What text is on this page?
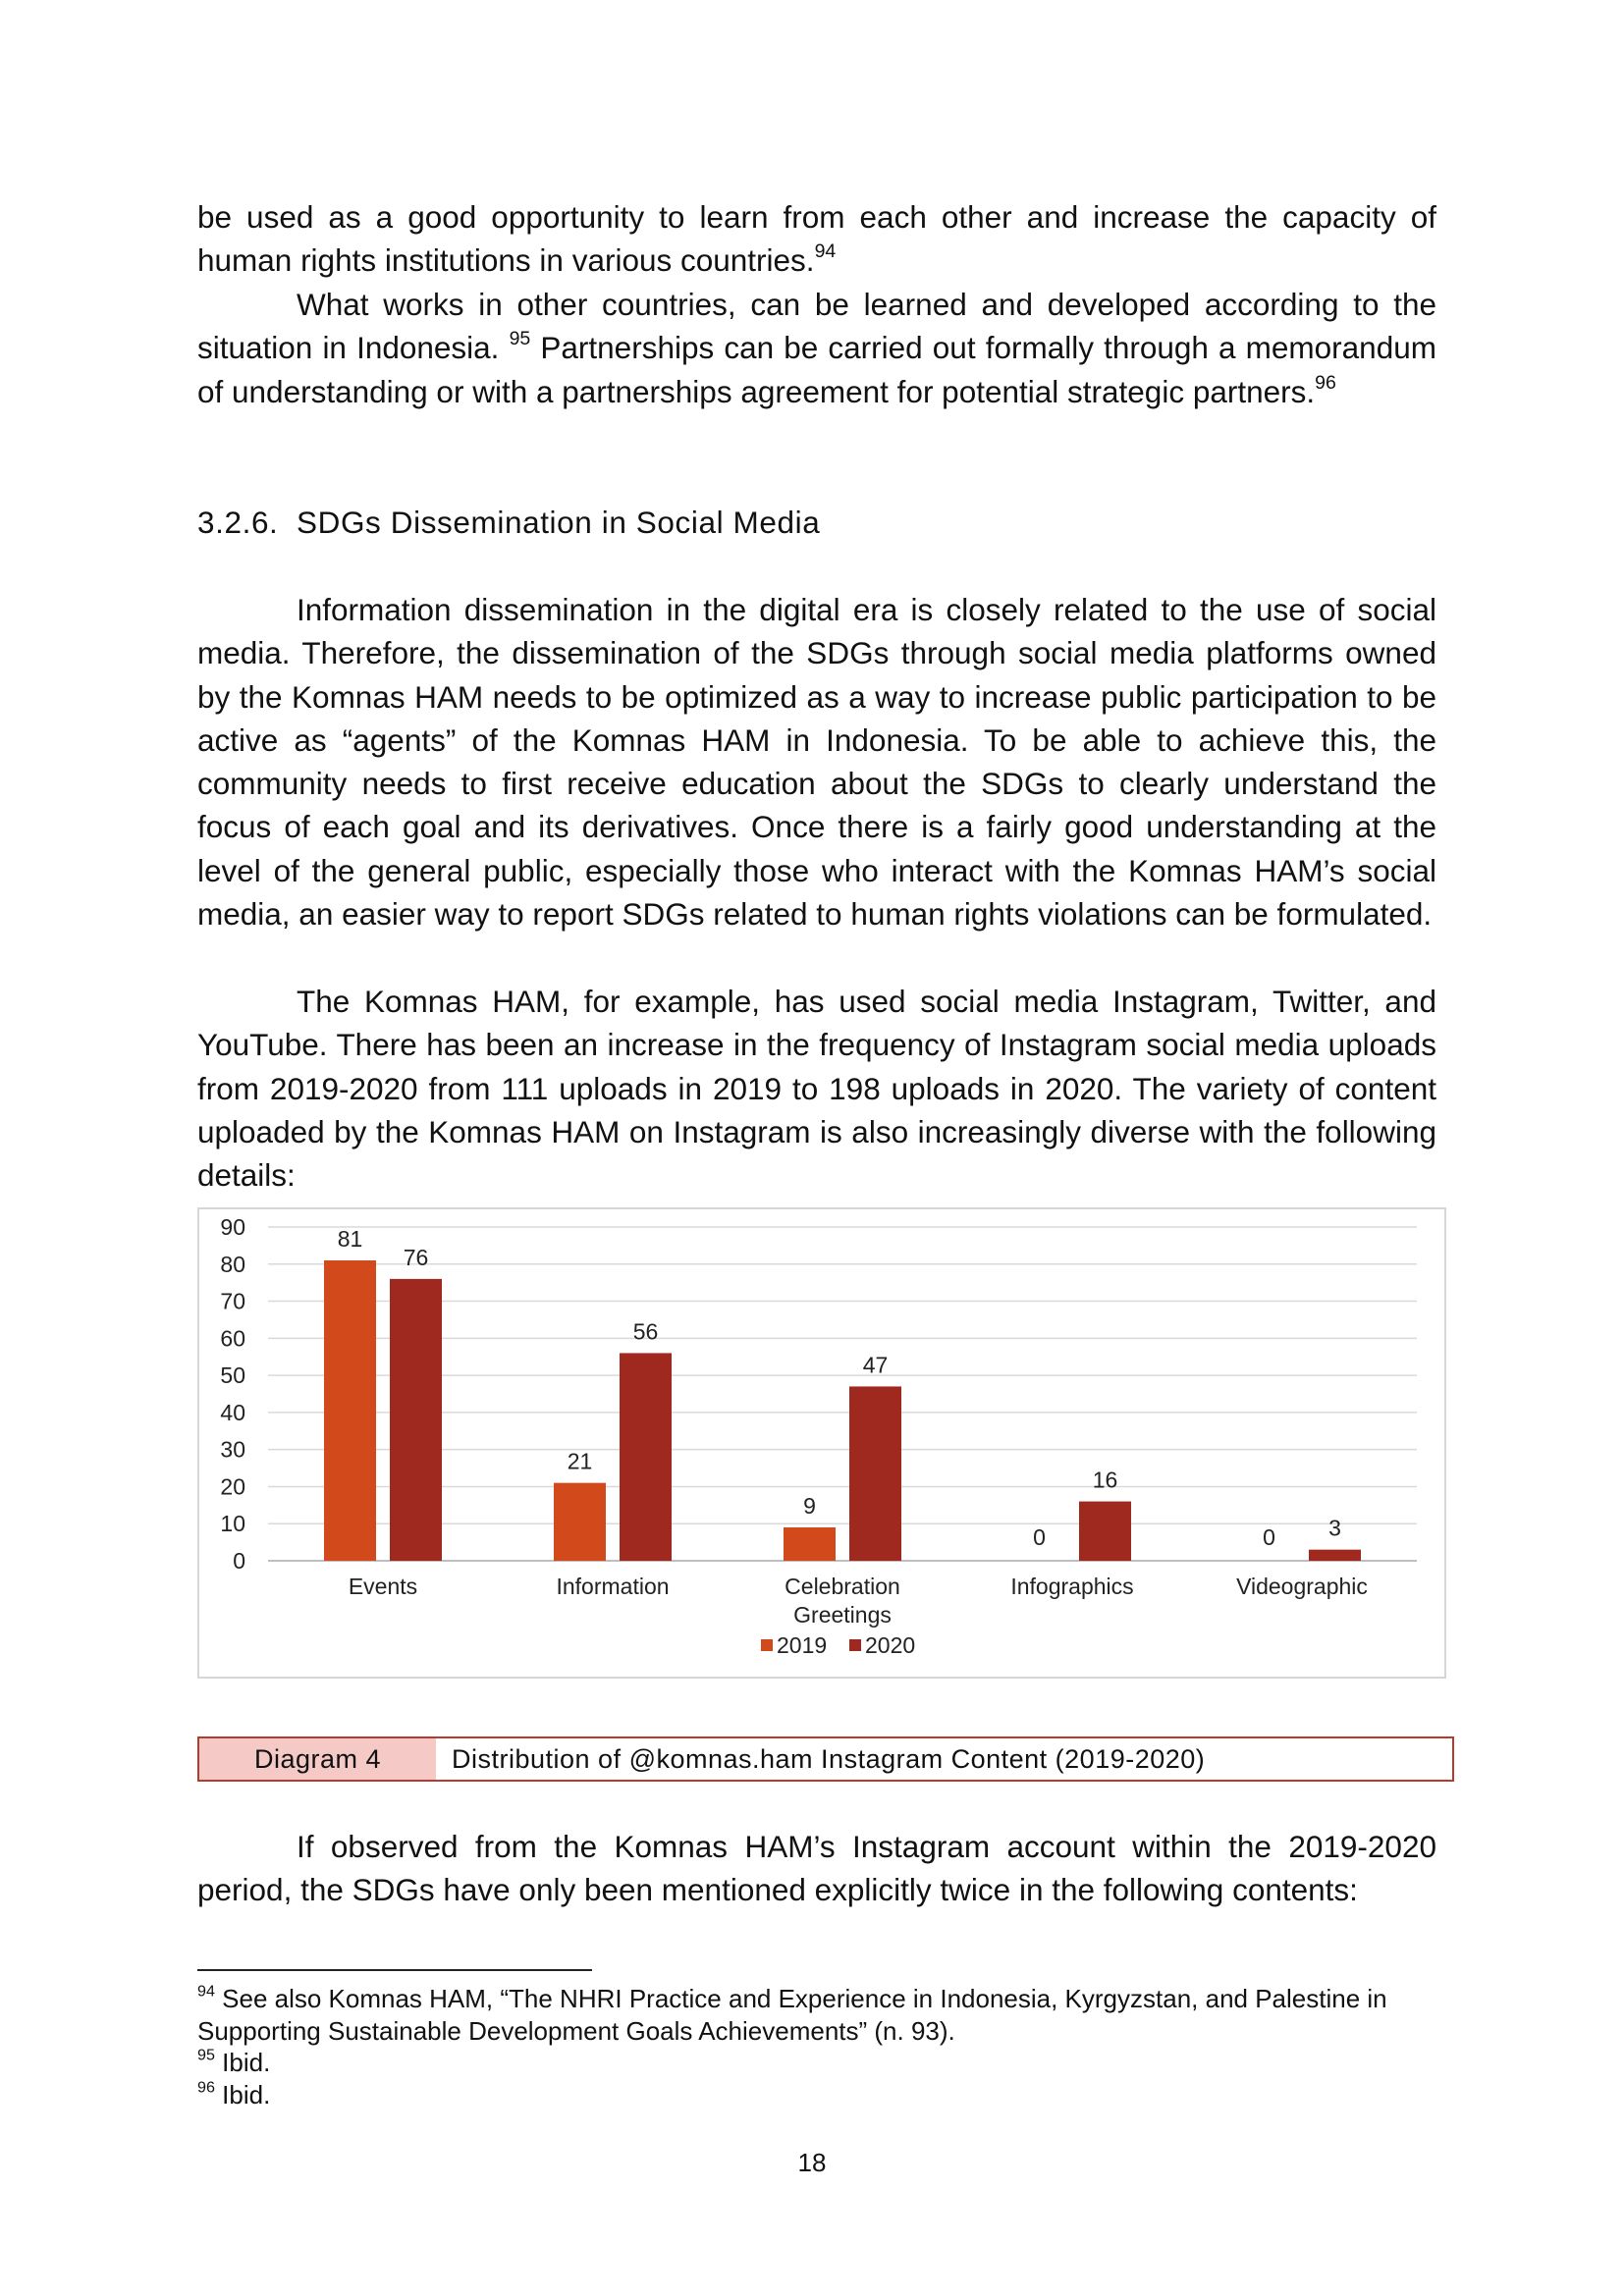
be used as a good opportunity to learn from each other and increase the capacity of human rights institutions in various countries.$^{94}$

What works in other countries, can be learned and developed according to the situation in Indonesia. $^{95}$ Partnerships can be carried out formally through a memorandum of understanding or with a partnerships agreement for potential strategic partners.$^{96}$

3.2.6. SDGs Dissemination in Social Media

Information dissemination in the digital era is closely related to the use of social media. Therefore, the dissemination of the SDGs through social media platforms owned by the Komnas HAM needs to be optimized as a way to increase public participation to be active as “agents” of the Komnas HAM in Indonesia. To be able to achieve this, the community needs to first receive education about the SDGs to clearly understand the focus of each goal and its derivatives. Once there is a fairly good understanding at the level of the general public, especially those who interact with the Komnas HAM’s social media, an easier way to report SDGs related to human rights violations can be formulated.

The Komnas HAM, for example, has used social media Instagram, Twitter, and YouTube. There has been an increase in the frequency of Instagram social media uploads from 2019-2020 from 111 uploads in 2019 to 198 uploads in 2020. The variety of content uploaded by the Komnas HAM on Instagram is also increasingly diverse with the following details:

0
10
20
30
40
50
60
70
80
90	81
76
Events
21
56
Information
9
47
Celebration
Greetings
0
16
Infographics
0 3
Videographic
2019 2020
Diagram 4	Distribution of @komnas.ham Instagram Content (2019-2020)

If observed from the Komnas HAM’s Instagram account within the 2019-2020 period, the SDGs have only been mentioned explicitly twice in the following contents:

$^{94}$ See also Komnas HAM, “The NHRI Practice and Experience in Indonesia, Kyrgyzstan, and Palestine in Supporting Sustainable Development Goals Achievements” (n. 93).

$^{95}$ Ibid.

$^{96}$ Ibid.

18
